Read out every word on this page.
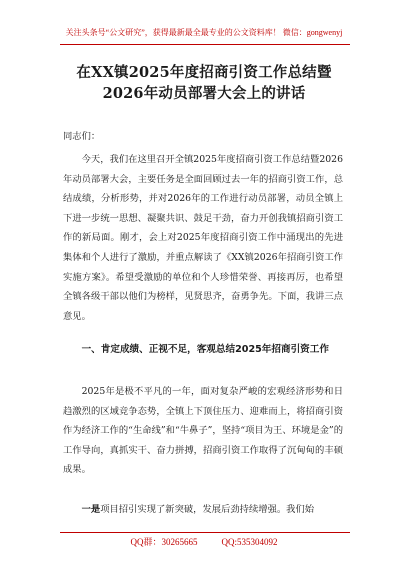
关注头条号“公文研究”，获得最新最全最专业的公文资料库！ 微信：gongwenyj
在XX镇2025年度招商引资工作总结暨
2026年动员部署大会上的讲话
同志们：
今天，我们在这里召开全镇2025年度招商引资工作总结暨2026年动员部署大会，主要任务是全面回顾过去一年的招商引资工作，总结成绩，分析形势，并对2026年的工作进行动员部署，动员全镇上下进一步统一思想、凝聚共识、鼓足干劲，奋力开创我镇招商引资工作的新局面。刚才，会上对2025年度招商引资工作中涌现出的先进集体和个人进行了激励，并重点解读了《XX镇2026年招商引资工作实施方案》。希望受激励的单位和个人珍惜荣誉、再接再厉，也希望全镇各级干部以他们为榜样，见贤思齐，奋勇争先。下面，我讲三点意见。
一、肯定成绩、正视不足，客观总结2025年招商引资工作
2025年是极不平凡的一年，面对复杂严峻的宏观经济形势和日趋激烈的区域竞争态势，全镇上下顶住压力、迎难而上，将招商引资作为经济工作的“生命线”和“牛鼻子”，坚持“项目为王、环境是金”的工作导向，真抓实干、奋力拼搏，招商引资工作取得了沉甸甸的丰硕成果。
一是项目招引实现了新突破，发展后劲持续增强。我们始
QQ群：30265665	QQ:535304092
